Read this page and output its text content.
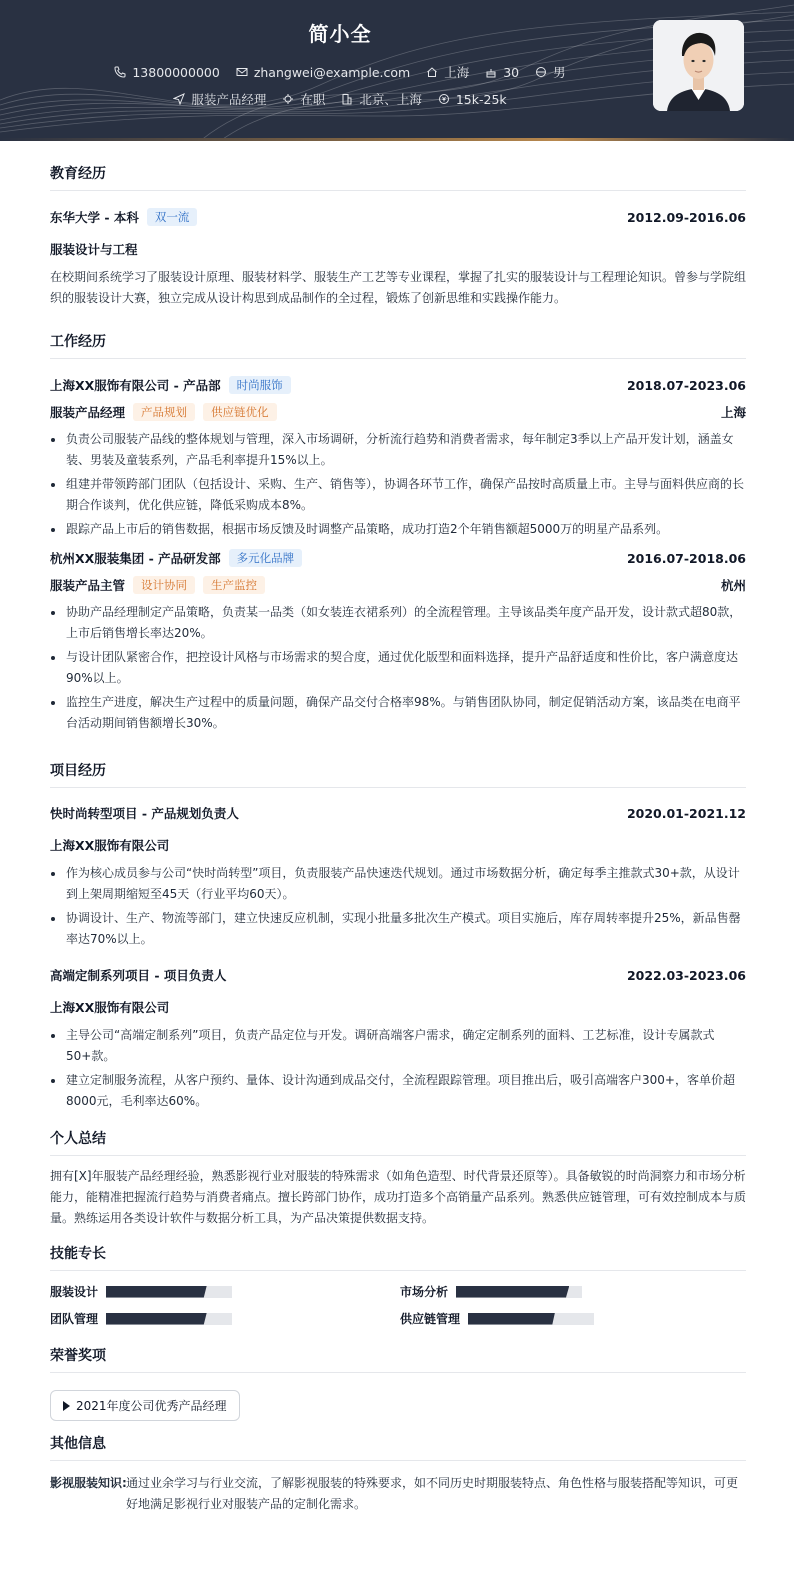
简小全
13800000000	zhangwei@example.com	上海	30	男
服装产品经理	在职	北京、上海	15k-25k
教育经历
东华大学 - 本科	双一流	2012.09-2016.06
服装设计与工程
在校期间系统学习了服装设计原理、服装材料学、服装生产工艺等专业课程，掌握了扎实的服装设计与工程理论知识。曾参与学院组织的服装设计大赛，独立完成从设计构思到成品制作的全过程，锻炼了创新思维和实践操作能力。
工作经历
上海XX服饰有限公司 - 产品部	时尚服饰	2018.07-2023.06
服装产品经理	产品规划	供应链优化	上海
负责公司服装产品线的整体规划与管理，深入市场调研，分析流行趋势和消费者需求，每年制定3季以上产品开发计划，涵盖女装、男装及童装系列，产品毛利率提升15%以上。
组建并带领跨部门团队（包括设计、采购、生产、销售等），协调各环节工作，确保产品按时高质量上市。主导与面料供应商的长期合作谈判，优化供应链，降低采购成本8%。
跟踪产品上市后的销售数据，根据市场反馈及时调整产品策略，成功打造2个年销售额超5000万的明星产品系列。
杭州XX服装集团 - 产品研发部	多元化品牌	2016.07-2018.06
服装产品主管	设计协同	生产监控	杭州
协助产品经理制定产品策略，负责某一品类（如女装连衣裙系列）的全流程管理。主导该品类年度产品开发，设计款式超80款，上市后销售增长率达20%。
与设计团队紧密合作，把控设计风格与市场需求的契合度，通过优化版型和面料选择，提升产品舒适度和性价比，客户满意度达90%以上。
监控生产进度，解决生产过程中的质量问题，确保产品交付合格率98%。与销售团队协同，制定促销活动方案，该品类在电商平台活动期间销售额增长30%。
项目经历
快时尚转型项目 - 产品规划负责人	2020.01-2021.12
上海XX服饰有限公司
作为核心成员参与公司“快时尚转型”项目，负责服装产品快速迭代规划。通过市场数据分析，确定每季主推款式30+款，从设计到上架周期缩短至45天（行业平均60天）。
协调设计、生产、物流等部门，建立快速反应机制，实现小批量多批次生产模式。项目实施后，库存周转率提升25%，新品售罄率达70%以上。
高端定制系列项目 - 项目负责人	2022.03-2023.06
上海XX服饰有限公司
主导公司“高端定制系列”项目，负责产品定位与开发。调研高端客户需求，确定定制系列的面料、工艺标准，设计专属款式50+款。
建立定制服务流程，从客户预约、量体、设计沟通到成品交付，全流程跟踪管理。项目推出后，吸引高端客户300+，客单价超8000元，毛利率达60%。
个人总结
拥有[X]年服装产品经理经验，熟悉影视行业对服装的特殊需求（如角色造型、时代背景还原等）。具备敏锐的时尚洞察力和市场分析能力，能精准把握流行趋势与消费者痛点。擅长跨部门协作，成功打造多个高销量产品系列。熟悉供应链管理，可有效控制成本与质量。熟练运用各类设计软件与数据分析工具，为产品决策提供数据支持。
技能专长
服装设计	市场分析
团队管理	供应链管理
荣誉奖项
2021年度公司优秀产品经理
其他信息
影视服装知识: 通过业余学习与行业交流，了解影视服装的特殊要求，如不同历史时期服装特点、角色性格与服装搭配等知识，可更好地满足影视行业对服装产品的定制化需求。
